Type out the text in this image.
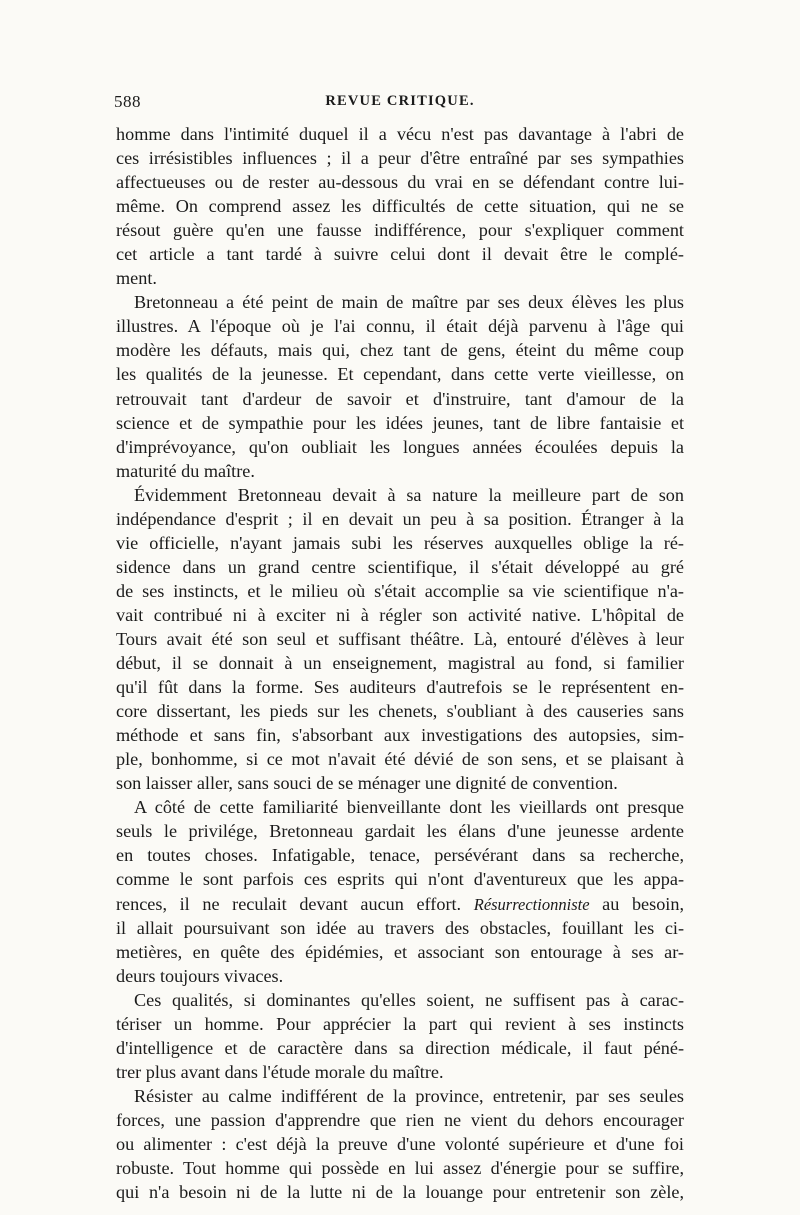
588	REVUE CRITIQUE.
homme dans l'intimité duquel il a vécu n'est pas davantage à l'abri de
ces irrésistibles influences ; il a peur d'être entraîné par ses sympathies
affectueuses ou de rester au-dessous du vrai en se défendant contre lui-
même. On comprend assez les difficultés de cette situation, qui ne se
résout guère qu'en une fausse indifférence, pour s'expliquer comment
cet article a tant tardé à suivre celui dont il devait être le complé-
ment.
Bretonneau a été peint de main de maître par ses deux élèves les plus
illustres. A l'époque où je l'ai connu, il était déjà parvenu à l'âge qui
modère les défauts, mais qui, chez tant de gens, éteint du même coup
les qualités de la jeunesse. Et cependant, dans cette verte vieillesse, on
retrouvait tant d'ardeur de savoir et d'instruire, tant d'amour de la
science et de sympathie pour les idées jeunes, tant de libre fantaisie et
d'imprévoyance, qu'on oubliait les longues années écoulées depuis la
maturité du maître.
Évidemment Bretonneau devait à sa nature la meilleure part de son
indépendance d'esprit ; il en devait un peu à sa position. Étranger à la
vie officielle, n'ayant jamais subi les réserves auxquelles oblige la ré-
sidence dans un grand centre scientifique, il s'était développé au gré
de ses instincts, et le milieu où s'était accomplie sa vie scientifique n'a-
vait contribué ni à exciter ni à régler son activité native. L'hôpital de
Tours avait été son seul et suffisant théâtre. Là, entouré d'élèves à leur
début, il se donnait à un enseignement, magistral au fond, si familier
qu'il fût dans la forme. Ses auditeurs d'autrefois se le représentent en-
core dissertant, les pieds sur les chenets, s'oubliant à des causeries sans
méthode et sans fin, s'absorbant aux investigations des autopsies, sim-
ple, bonhomme, si ce mot n'avait été dévié de son sens, et se plaisant à
son laisser aller, sans souci de se ménager une dignité de convention.
A côté de cette familiarité bienveillante dont les vieillards ont presque
seuls le privilége, Bretonneau gardait les élans d'une jeunesse ardente
en toutes choses. Infatigable, tenace, persévérant dans sa recherche,
comme le sont parfois ces esprits qui n'ont d'aventureux que les appa-
rences, il ne reculait devant aucun effort. Résurrectionniste au besoin,
il allait poursuivant son idée au travers des obstacles, fouillant les ci-
metières, en quête des épidémies, et associant son entourage à ses ar-
deurs toujours vivaces.
Ces qualités, si dominantes qu'elles soient, ne suffisent pas à carac-
tériser un homme. Pour apprécier la part qui revient à ses instincts
d'intelligence et de caractère dans sa direction médicale, il faut péné-
trer plus avant dans l'étude morale du maître.
Résister au calme indifférent de la province, entretenir, par ses seules
forces, une passion d'apprendre que rien ne vient du dehors encourager
ou alimenter : c'est déjà la preuve d'une volonté supérieure et d'une foi
robuste. Tout homme qui possède en lui assez d'énergie pour se suffire,
qui n'a besoin ni de la lutte ni de la louange pour entretenir son zèle,
